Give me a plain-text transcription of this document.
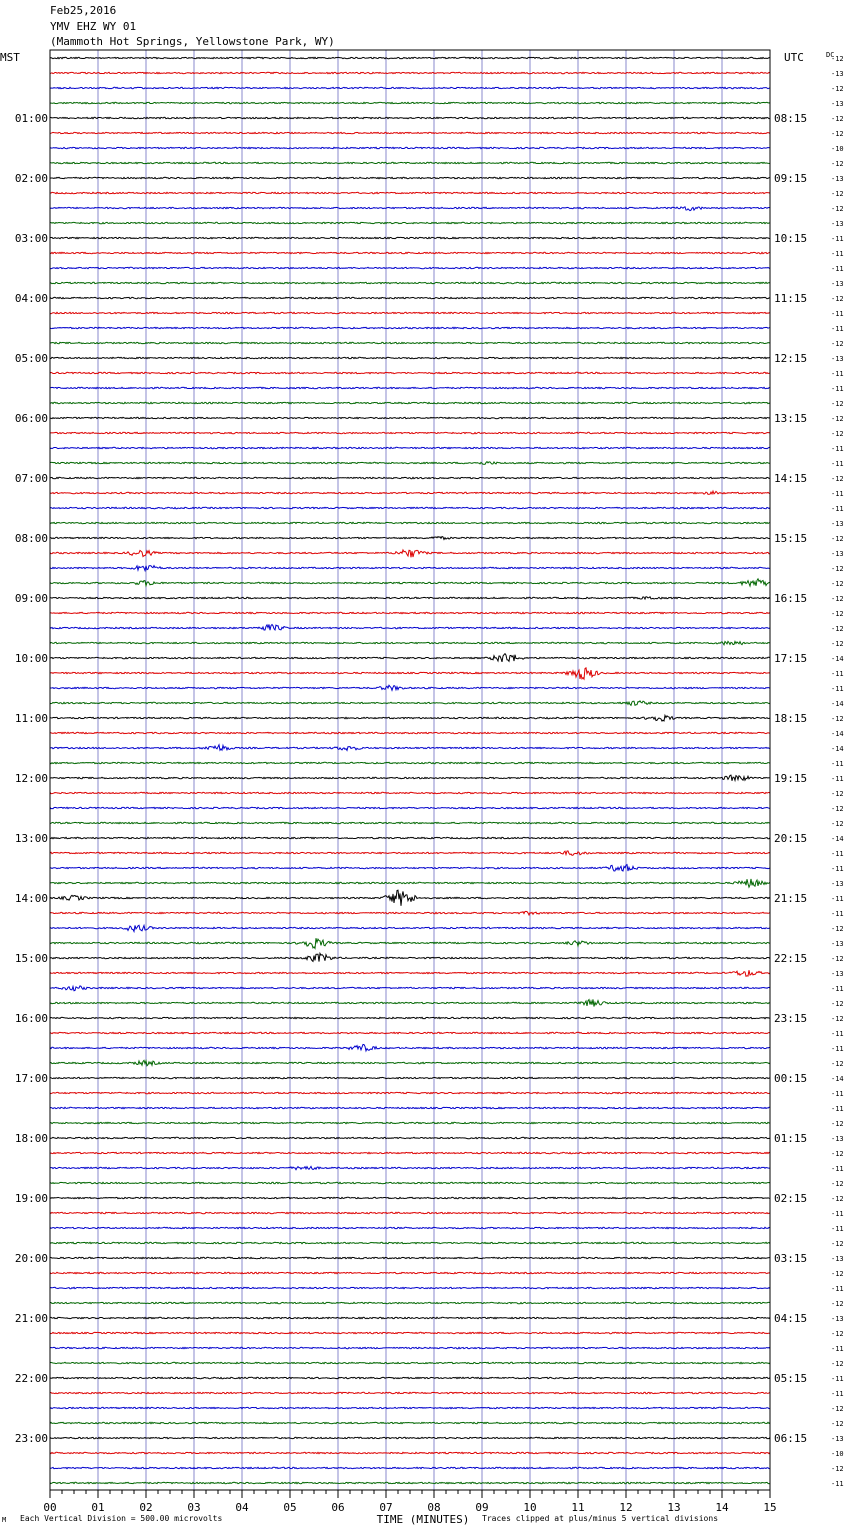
MST	UTC	DC
-12
-13
-12
-13
-12
-12
-10
-12
-13
-12
-12
-13
-11
-11
-11
-13
-12
-11
-11
-12
-13
-11
-11
-12
-12
-12
-11
-11
-12
-11
-11
-13
-12
-13
-12
-12
-12
-12
-12
-12
-14
-11
-11
-14
-12
-14
-14
-11
-11
-12
-12
-12
-14
-11
-11
-13
-11
-11
-12
-13
-12
-13
-11
-12
-12
-11
-11
-12
-14
-11
-11
-12
-13
-12
-11
-12
-12
-11
-11
-12
-13
-12
-11
-12
-13
-12
-11
-12
-11
-11
-12
-12
-13
-10
-12
-11
01:00
02:00
03:00
04:00
05:00
06:00
07:00
08:00
09:00
10:00
11:00
12:00
13:00
14:00
15:00
16:00
17:00
18:00
19:00
20:00
21:00
22:00
23:00
08:15
09:15
10:15
11:15
12:15
13:15
14:15
15:15
16:15
17:15
18:15
19:15
20:15
21:15
22:15
23:15
00:15
01:15
02:15
03:15
04:15
05:15
06:15
00	01	02	03	04	05	06	07	08	09	10	11	12	13	14	15
TIME (MINUTES)
Feb25,2016
YMV EHZ WY 01
(Mammoth Hot Springs, Yellowstone Park, WY)
M Each Vertical Division = 500.00 microvolts	Traces clipped at plus/minus 5 vertical divisions
